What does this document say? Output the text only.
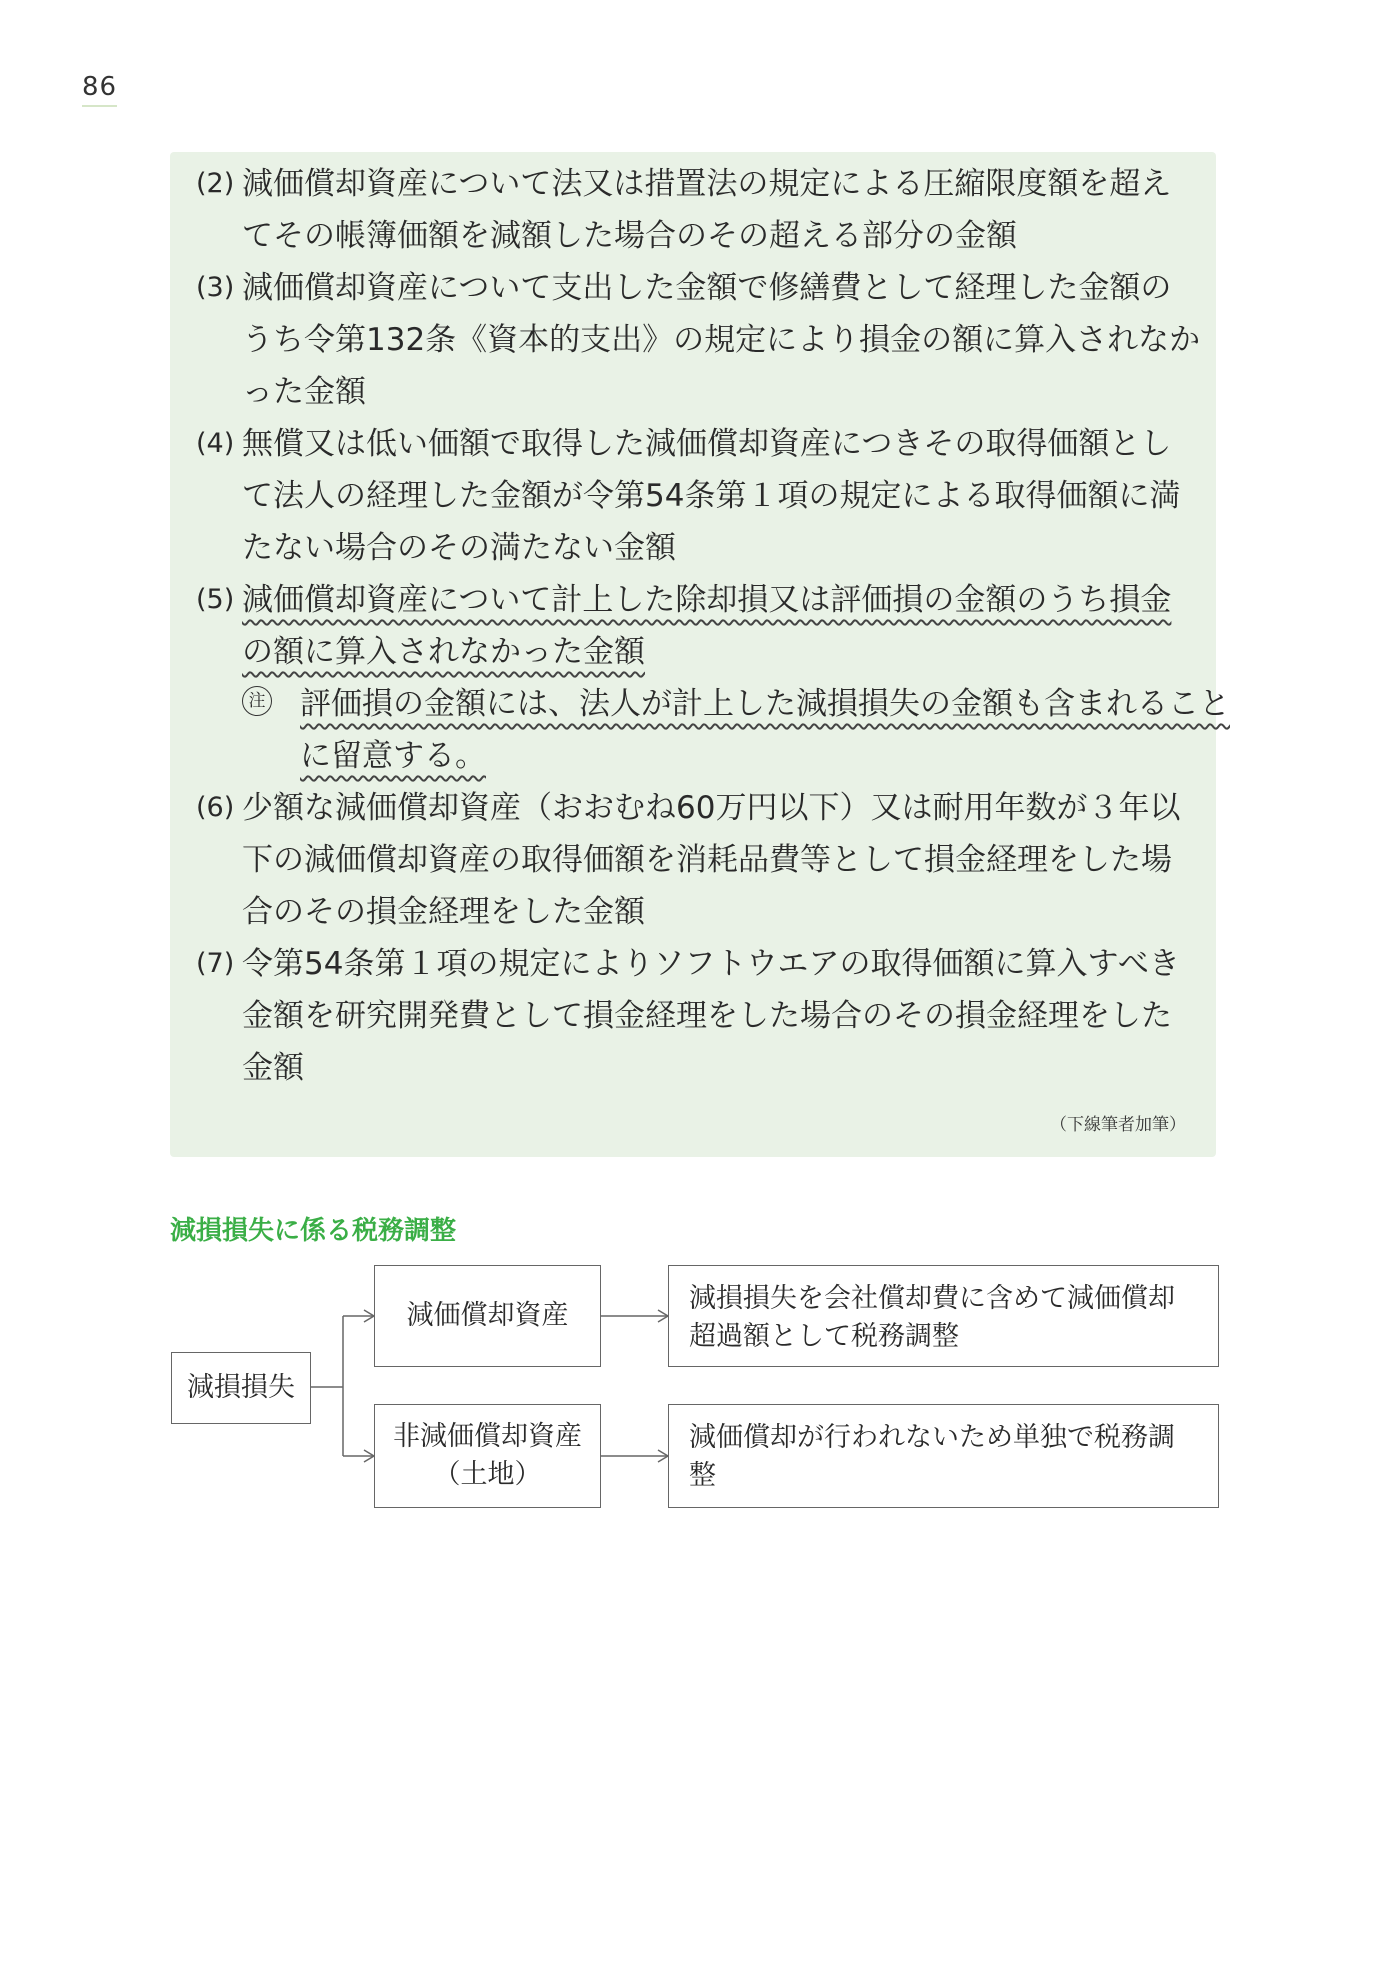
86
(2) 減価償却資産について法又は措置法の規定による圧縮限度額を超え
てその帳簿価額を減額した場合のその超える部分の金額
(3) 減価償却資産について支出した金額で修繕費として経理した金額の
うち令第132条《資本的支出》の規定により損金の額に算入されなか
った金額
(4) 無償又は低い価額で取得した減価償却資産につきその取得価額とし
て法人の経理した金額が令第54条第１項の規定による取得価額に満
たない場合のその満たない金額
(5) 減価償却資産について計上した除却損又は評価損の金額のうち損金
の額に算入されなかった金額
注 評価損の金額には、法人が計上した減損損失の金額も含まれること
に留意する。
(6) 少額な減価償却資産（おおむね60万円以下）又は耐用年数が３年以
下の減価償却資産の取得価額を消耗品費等として損金経理をした場
合のその損金経理をした金額
(7) 令第54条第１項の規定によりソフトウエアの取得価額に算入すべき
金額を研究開発費として損金経理をした場合のその損金経理をした
金額
（下線筆者加筆）
減損損失に係る税務調整
減損損失
減価償却資産
非減価償却資産
（土地）
減損損失を会社償却費に含めて減価償却
超過額として税務調整
減価償却が行われないため単独で税務調
整
